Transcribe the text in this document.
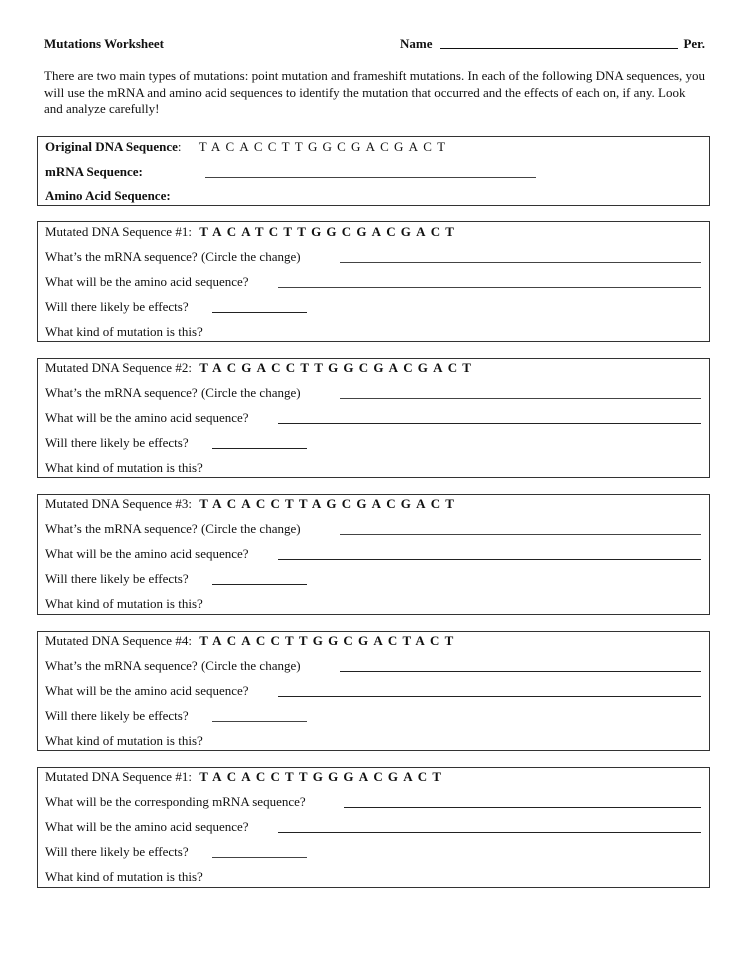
Mutations Worksheet	Name	Per.
There are two main types of mutations: point mutation and frameshift mutations. In each of the following DNA sequences, you will use the mRNA and amino acid sequences to identify the mutation that occurred and the effects of each on, if any. Look and analyze carefully!
Original DNA Sequence: TACACCTTGGCGACGACT
mRNA Sequence:
Amino Acid Sequence:
Mutated DNA Sequence #1: TACATCTTGGCGACGACT
What’s the mRNA sequence? (Circle the change)
What will be the amino acid sequence?
Will there likely be effects?
What kind of mutation is this?
Mutated DNA Sequence #2: TACGACCTTGGCGACGACT
What’s the mRNA sequence? (Circle the change)
What will be the amino acid sequence?
Will there likely be effects?
What kind of mutation is this?
Mutated DNA Sequence #3: TACACCTTAGCGACGACT
What’s the mRNA sequence? (Circle the change)
What will be the amino acid sequence?
Will there likely be effects?
What kind of mutation is this?
Mutated DNA Sequence #4: TACACCTTGGCGACTACT
What’s the mRNA sequence? (Circle the change)
What will be the amino acid sequence?
Will there likely be effects?
What kind of mutation is this?
Mutated DNA Sequence #1: TACACCTTGGGACGACT
What will be the corresponding mRNA sequence?
What will be the amino acid sequence?
Will there likely be effects?
What kind of mutation is this?
